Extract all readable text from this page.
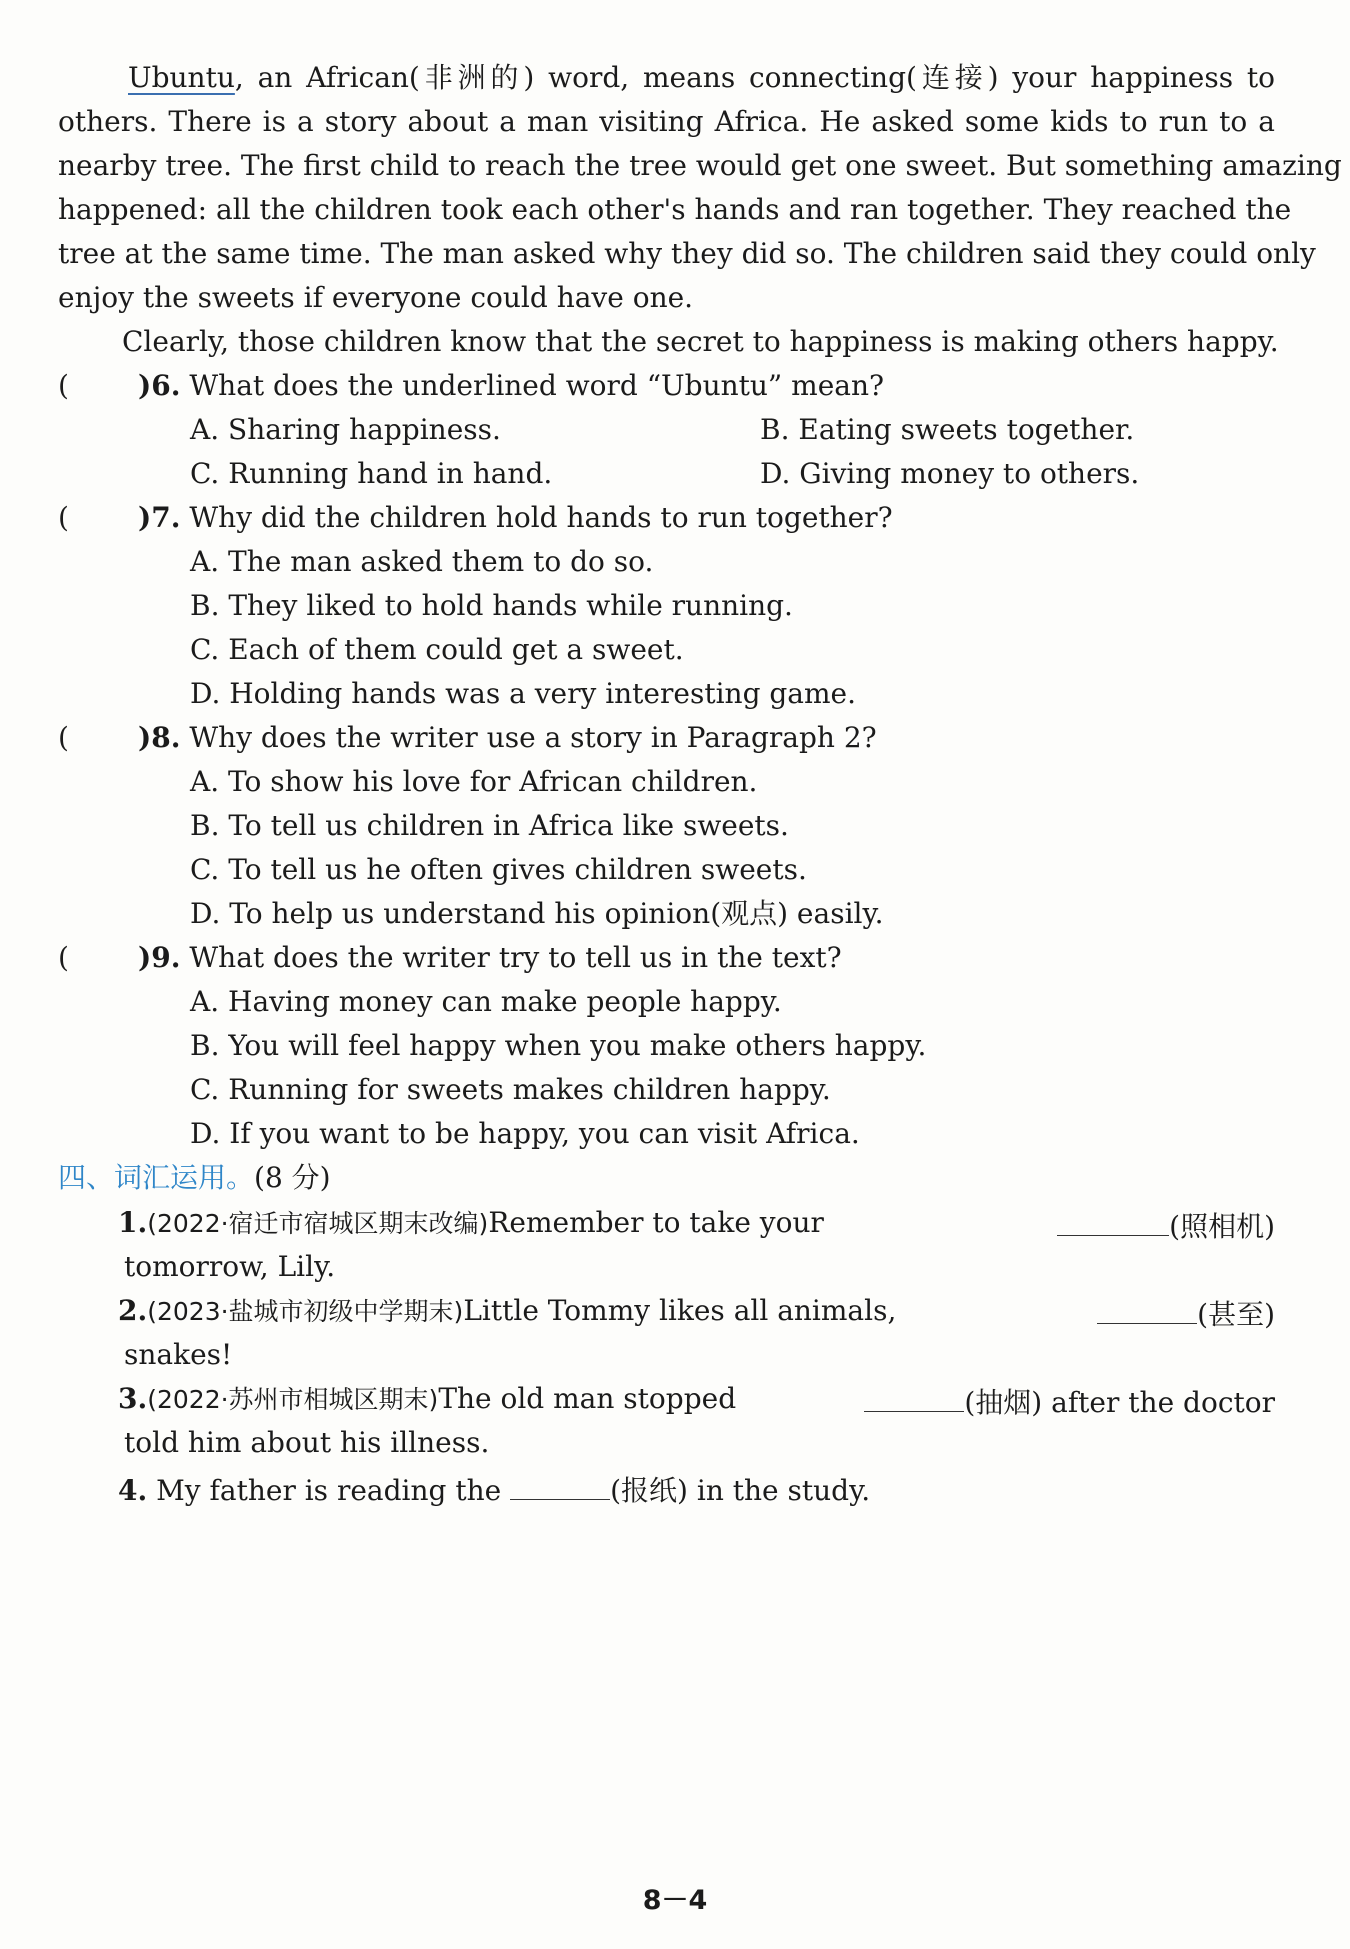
Ubuntu, an African(非洲的) word, means connecting(连接) your happiness to
others. There is a story about a man visiting Africa. He asked some kids to run to a
nearby tree. The first child to reach the tree would get one sweet. But something amazing
happened: all the children took each other's hands and ran together. They reached the
tree at the same time. The man asked why they did so. The children said they could only
enjoy the sweets if everyone could have one.
Clearly, those children know that the secret to happiness is making others happy.
( )6. What does the underlined word “Ubuntu” mean?
A. Sharing happiness.	B. Eating sweets together.
C. Running hand in hand.	D. Giving money to others.
( )7. Why did the children hold hands to run together?
A. The man asked them to do so.
B. They liked to hold hands while running.
C. Each of them could get a sweet.
D. Holding hands was a very interesting game.
( )8. Why does the writer use a story in Paragraph 2?
A. To show his love for African children.
B. To tell us children in Africa like sweets.
C. To tell us he often gives children sweets.
D. To help us understand his opinion(观点) easily.
( )9. What does the writer try to tell us in the text?
A. Having money can make people happy.
B. You will feel happy when you make others happy.
C. Running for sweets makes children happy.
D. If you want to be happy, you can visit Africa.
四、词汇运用。(8 分)
1.(2022·宿迁市宿城区期末改编)Remember to take your	(照相机)
tomorrow, Lily.
2.(2023·盐城市初级中学期末)Little Tommy likes all animals,	(甚至)
snakes!
3.(2022·苏州市相城区期末)The old man stopped	(抽烟) after the doctor
told him about his illness.
4. My father is reading the	(报纸) in the study.
8－4
